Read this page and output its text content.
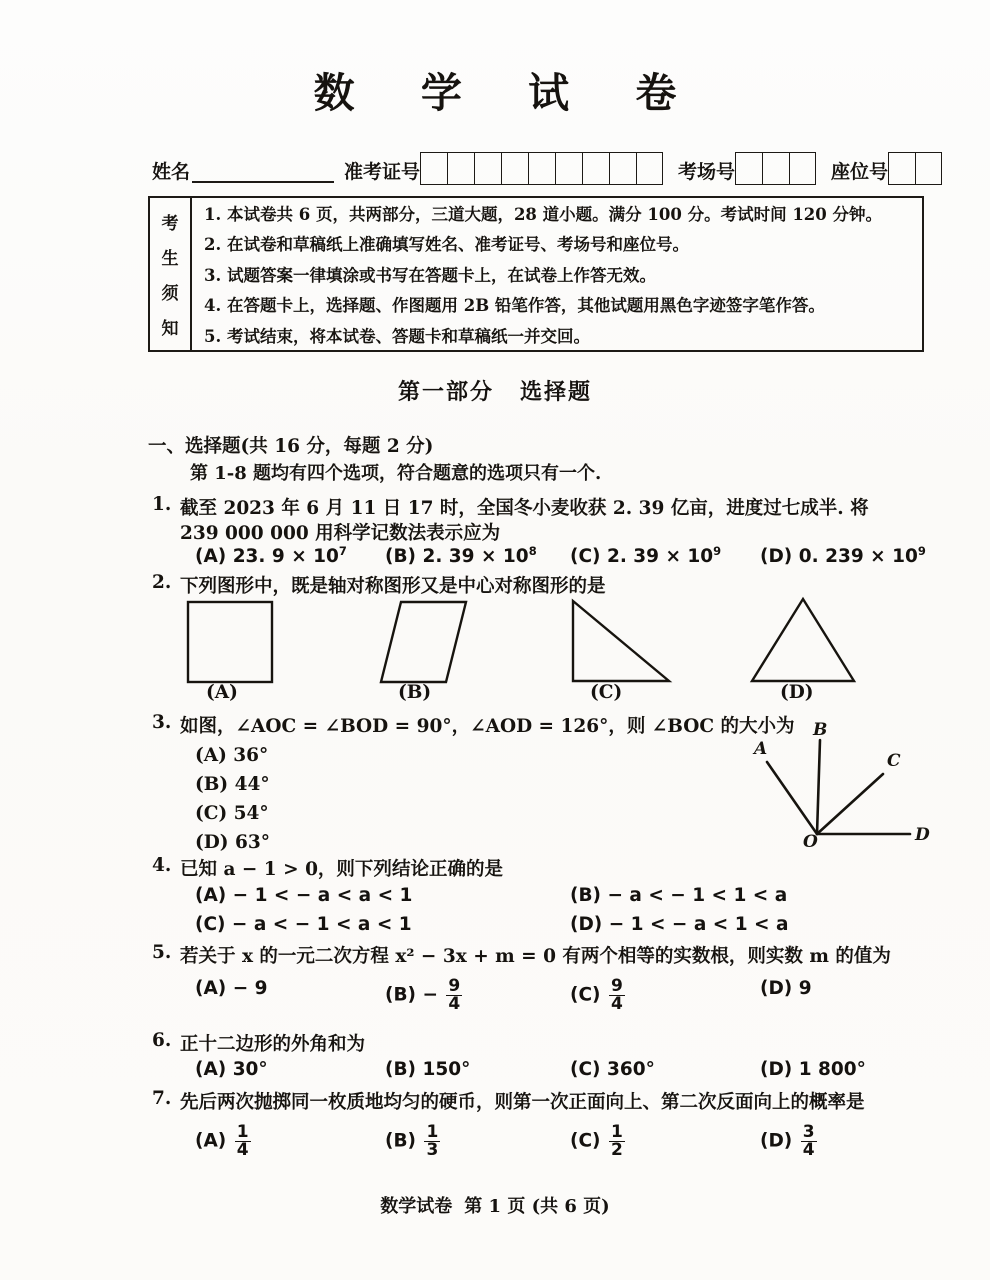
数 学 试 卷
姓名	准考证号	考场号	座位号
考
生
须
知
1. 本试卷共 6 页，共两部分，三道大题，28 道小题。满分 100 分。考试时间 120 分钟。
2. 在试卷和草稿纸上准确填写姓名、准考证号、考场号和座位号。
3. 试题答案一律填涂或书写在答题卡上，在试卷上作答无效。
4. 在答题卡上，选择题、作图题用 2B 铅笔作答，其他试题用黑色字迹签字笔作答。
5. 考试结束，将本试卷、答题卡和草稿纸一并交回。
第一部分 选择题
一、选择题(共 16 分，每题 2 分)
第 1-8 题均有四个选项，符合题意的选项只有一个.
1. 截至 2023 年 6 月 11 日 17 时，全国冬小麦收获 2. 39 亿亩，进度过七成半. 将
239 000 000 用科学记数法表示应为
(A) 23. $9 \times 10^7$ (B) 2. $39 \times 10^8$ (C) 2. $39 \times 10^9$ (D) 0. $239 \times 10^9$
2. 下列图形中，既是轴对称图形又是中心对称图形的是
(A)	(B)	(C)	(D)
3. 如图，∠AOC = ∠BOD = 90°，∠AOD = 126°，则 ∠BOC 的大小为
(A) 36°
(B) 44°
(C) 54°
(D) 63°
A
B
C
D
O
4. 已知 a − 1 > 0，则下列结论正确的是
(A) − 1 < − a < a < 1	(B) − a < − 1 < 1 < a
(C) − a < − 1 < a < 1	(D) − 1 < − a < 1 < a
5. 若关于 x 的一元二次方程 x² − 3x + m = 0 有两个相等的实数根，则实数 m 的值为
(A) − 9	$(B) - \frac{9}{4}$	$(C) \frac{9}{4}$	(D) 9
6. 正十二边形的外角和为
(A) 30°	(B) 150°	(C) 360°	(D) 1 800°
7. 先后两次抛掷同一枚质地均匀的硬币，则第一次正面向上、第二次反面向上的概率是
$(A) \frac{1}{4}$	$(B) \frac{1}{3}$	$(C) \frac{1}{2}$	$(D) \frac{3}{4}$
数学试卷 第 1 页 (共 6 页)
